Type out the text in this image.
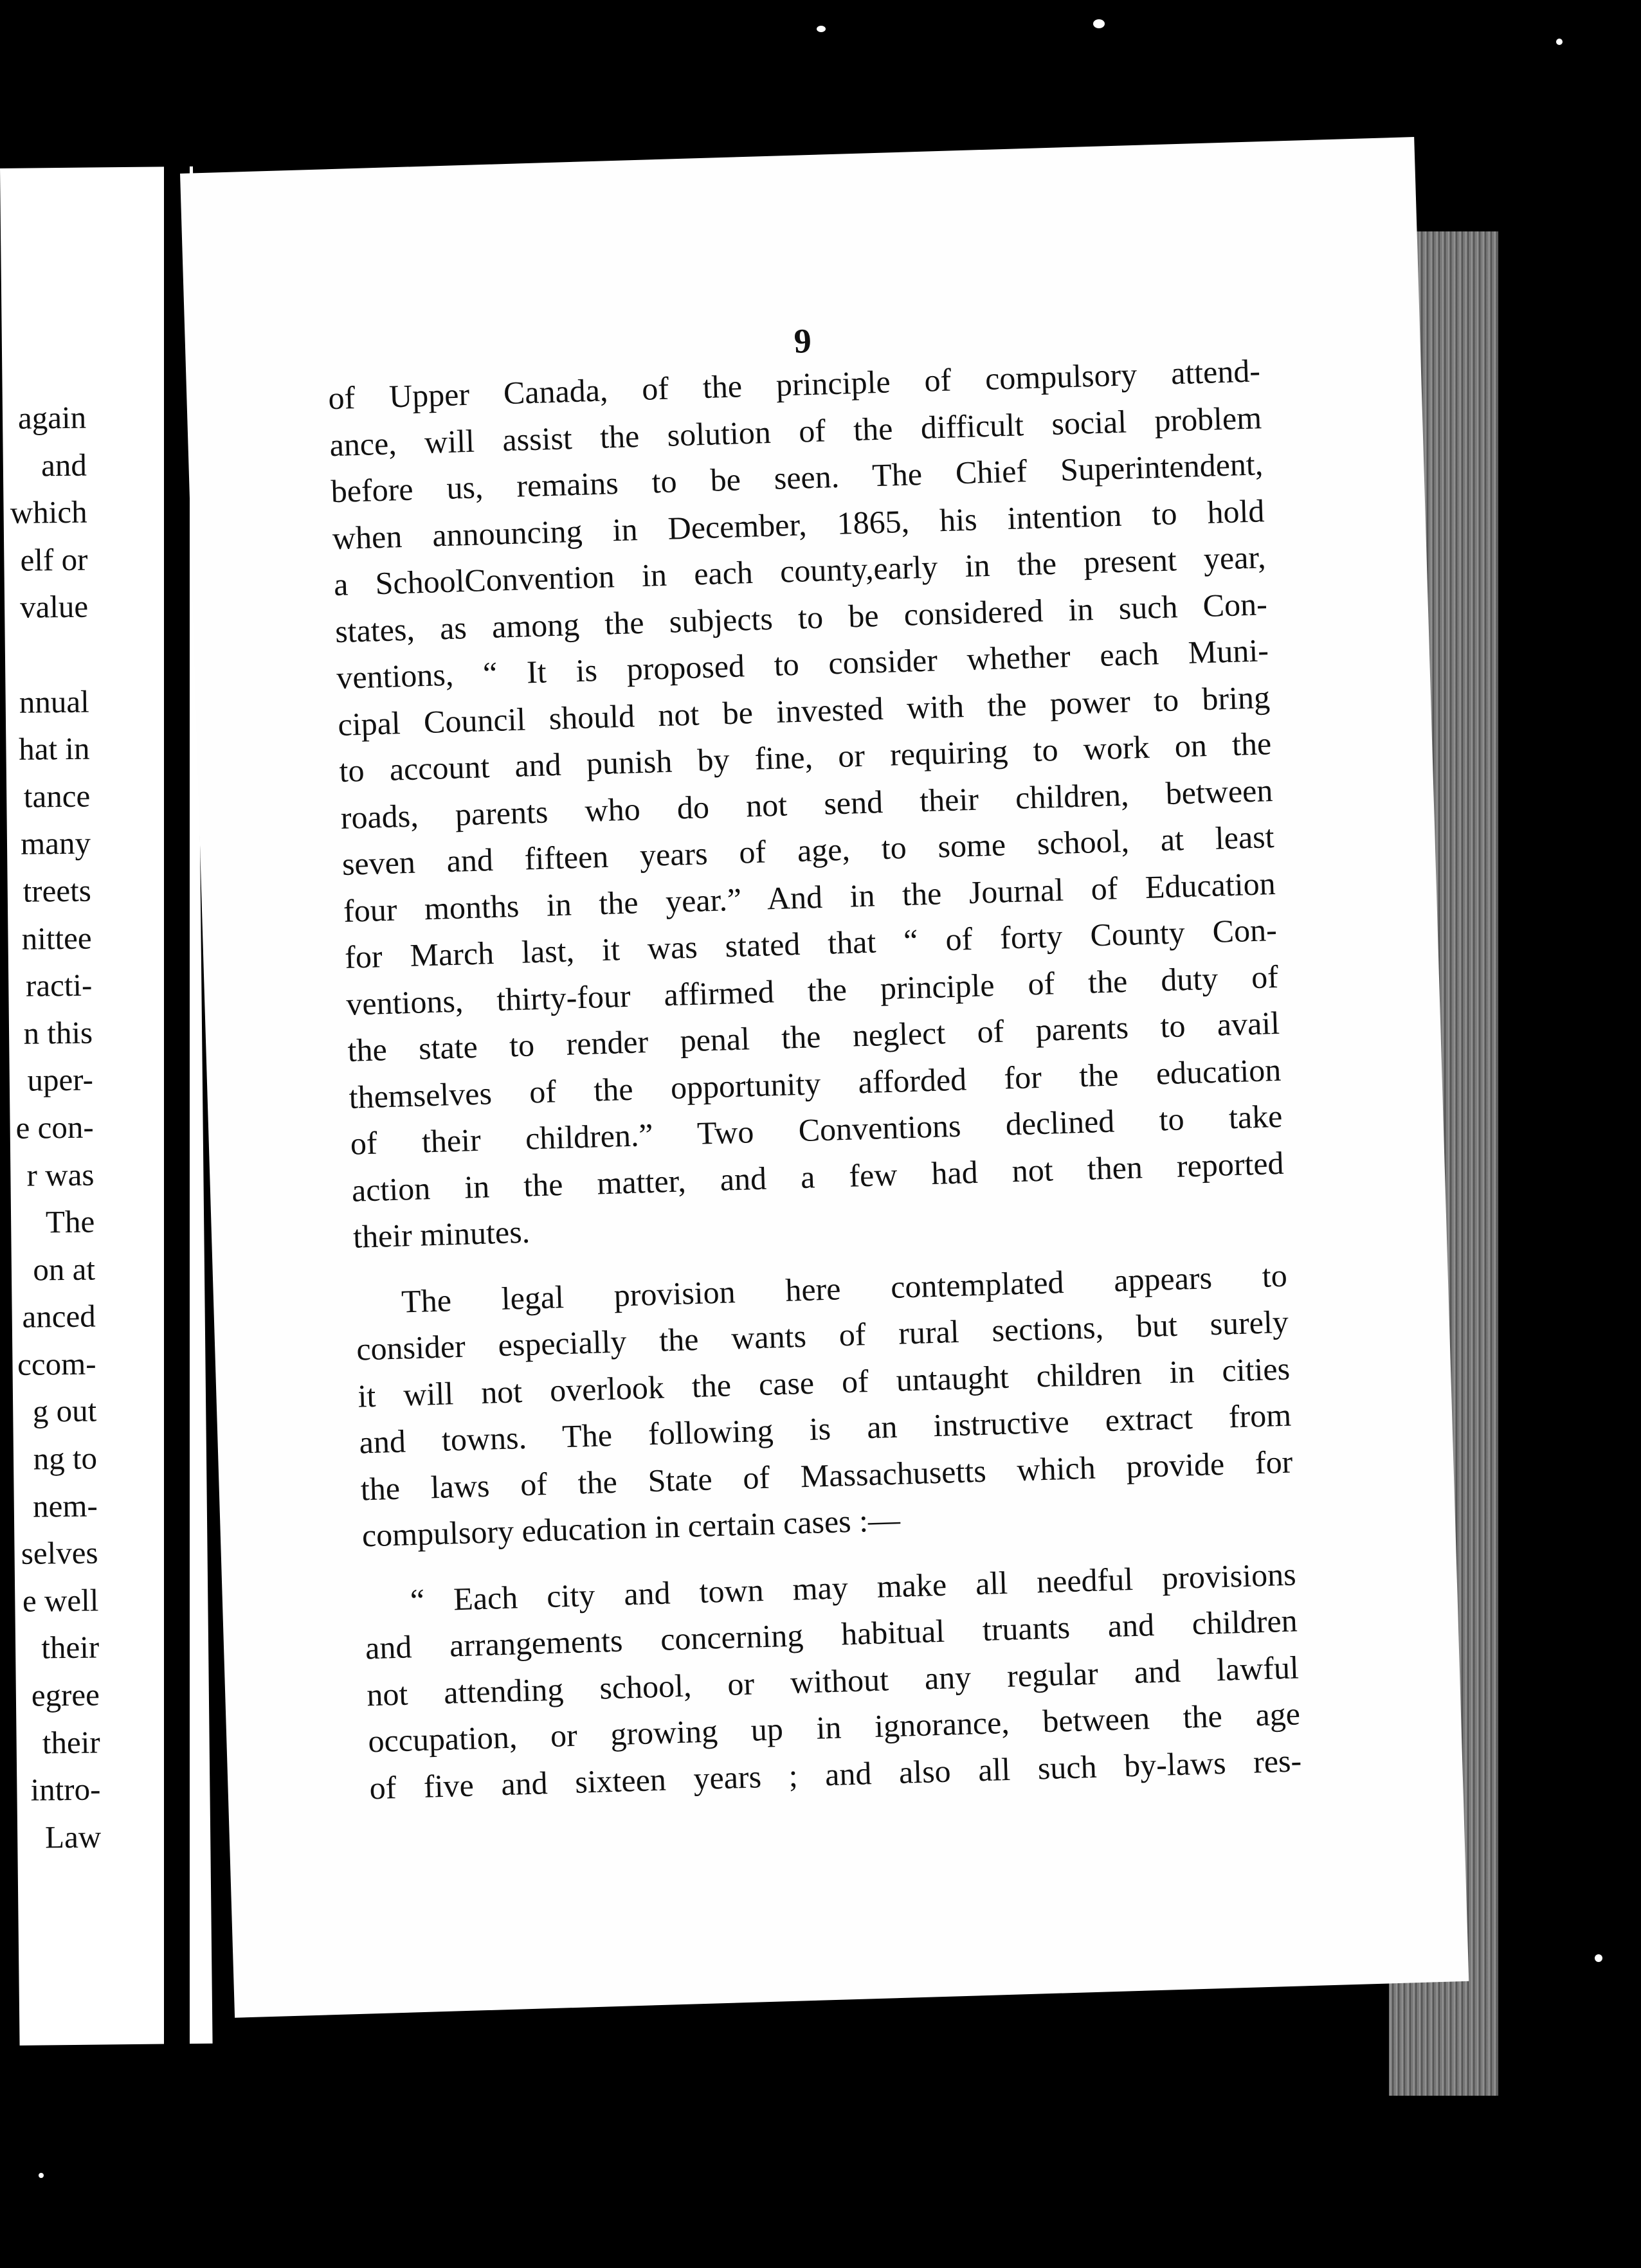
again
and
which
elf or
value
nnual
hat in
tance
many
treets
nittee
racti-
n this
uper-
e con-
r was
The
on at
anced
ccom-
g out
ng to
nem-
selves
e well
their
egree
their
intro-
Law
9
of Upper Canada, of the principle of compulsory attend-
ance, will assist the solution of the difficult social problem
before us, remains to be seen. The Chief Superintendent,
when announcing in December, 1865, his intention to hold
a SchoolConvention in each county,early in the present year,
states, as among the subjects to be considered in such Con-
ventions, “ It is proposed to consider whether each Muni-
cipal Council should not be invested with the power to bring
to account and punish by fine, or requiring to work on the
roads, parents who do not send their children, between
seven and fifteen years of age, to some school, at least
four months in the year.” And in the Journal of Education
for March last, it was stated that “ of forty County Con-
ventions, thirty-four affirmed the principle of the duty of
the state to render penal the neglect of parents to avail
themselves of the opportunity afforded for the education
of their children.” Two Conventions declined to take
action in the matter, and a few had not then reported
their minutes.
The legal provision here contemplated appears to
consider especially the wants of rural sections, but surely
it will not overlook the case of untaught children in cities
and towns. The following is an instructive extract from
the laws of the State of Massachusetts which provide for
compulsory education in certain cases :—
“ Each city and town may make all needful provisions
and arrangements concerning habitual truants and children
not attending school, or without any regular and lawful
occupation, or growing up in ignorance, between the age
of five and sixteen years ; and also all such by-laws res-
